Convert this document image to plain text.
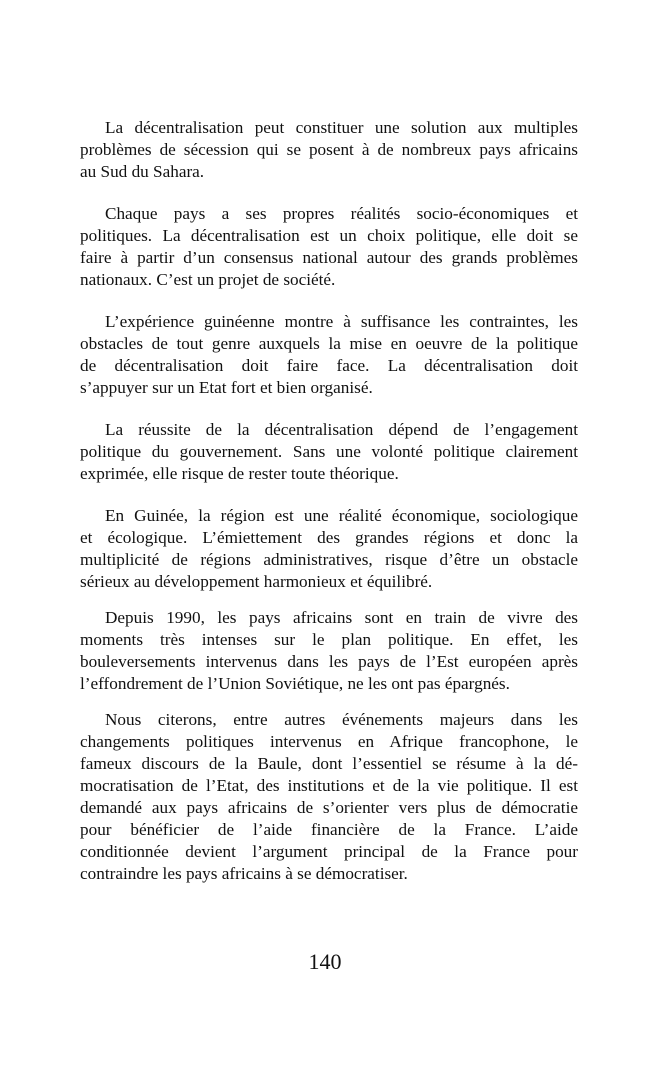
La décentralisation peut constituer une solution aux multiples
problèmes de sécession qui se posent à de nombreux pays africains
au Sud du Sahara.
Chaque pays a ses propres réalités socio-économiques et
politiques. La décentralisation est un choix politique, elle doit se
faire à partir d’un consensus national autour des grands problèmes
nationaux. C’est un projet de société.
L’expérience guinéenne montre à suffisance les contraintes, les
obstacles de tout genre auxquels la mise en oeuvre de la politique
de décentralisation doit faire face. La décentralisation doit
s’appuyer sur un Etat fort et bien organisé.
La réussite de la décentralisation dépend de l’engagement
politique du gouvernement. Sans une volonté politique clairement
exprimée, elle risque de rester toute théorique.
En Guinée, la région est une réalité économique, sociologique
et écologique. L’émiettement des grandes régions et donc la
multiplicité de régions administratives, risque d’être un obstacle
sérieux au développement harmonieux et équilibré.
Depuis 1990, les pays africains sont en train de vivre des
moments très intenses sur le plan politique. En effet, les
bouleversements intervenus dans les pays de l’Est européen après
l’effondrement de l’Union Soviétique, ne les ont pas épargnés.
Nous citerons, entre autres événements majeurs dans les
changements politiques intervenus en Afrique francophone, le
fameux discours de la Baule, dont l’essentiel se résume à la dé-
mocratisation de l’Etat, des institutions et de la vie politique. Il est
demandé aux pays africains de s’orienter vers plus de démocratie
pour bénéficier de l’aide financière de la France. L’aide
conditionnée devient l’argument principal de la France pour
contraindre les pays africains à se démocratiser.
140
